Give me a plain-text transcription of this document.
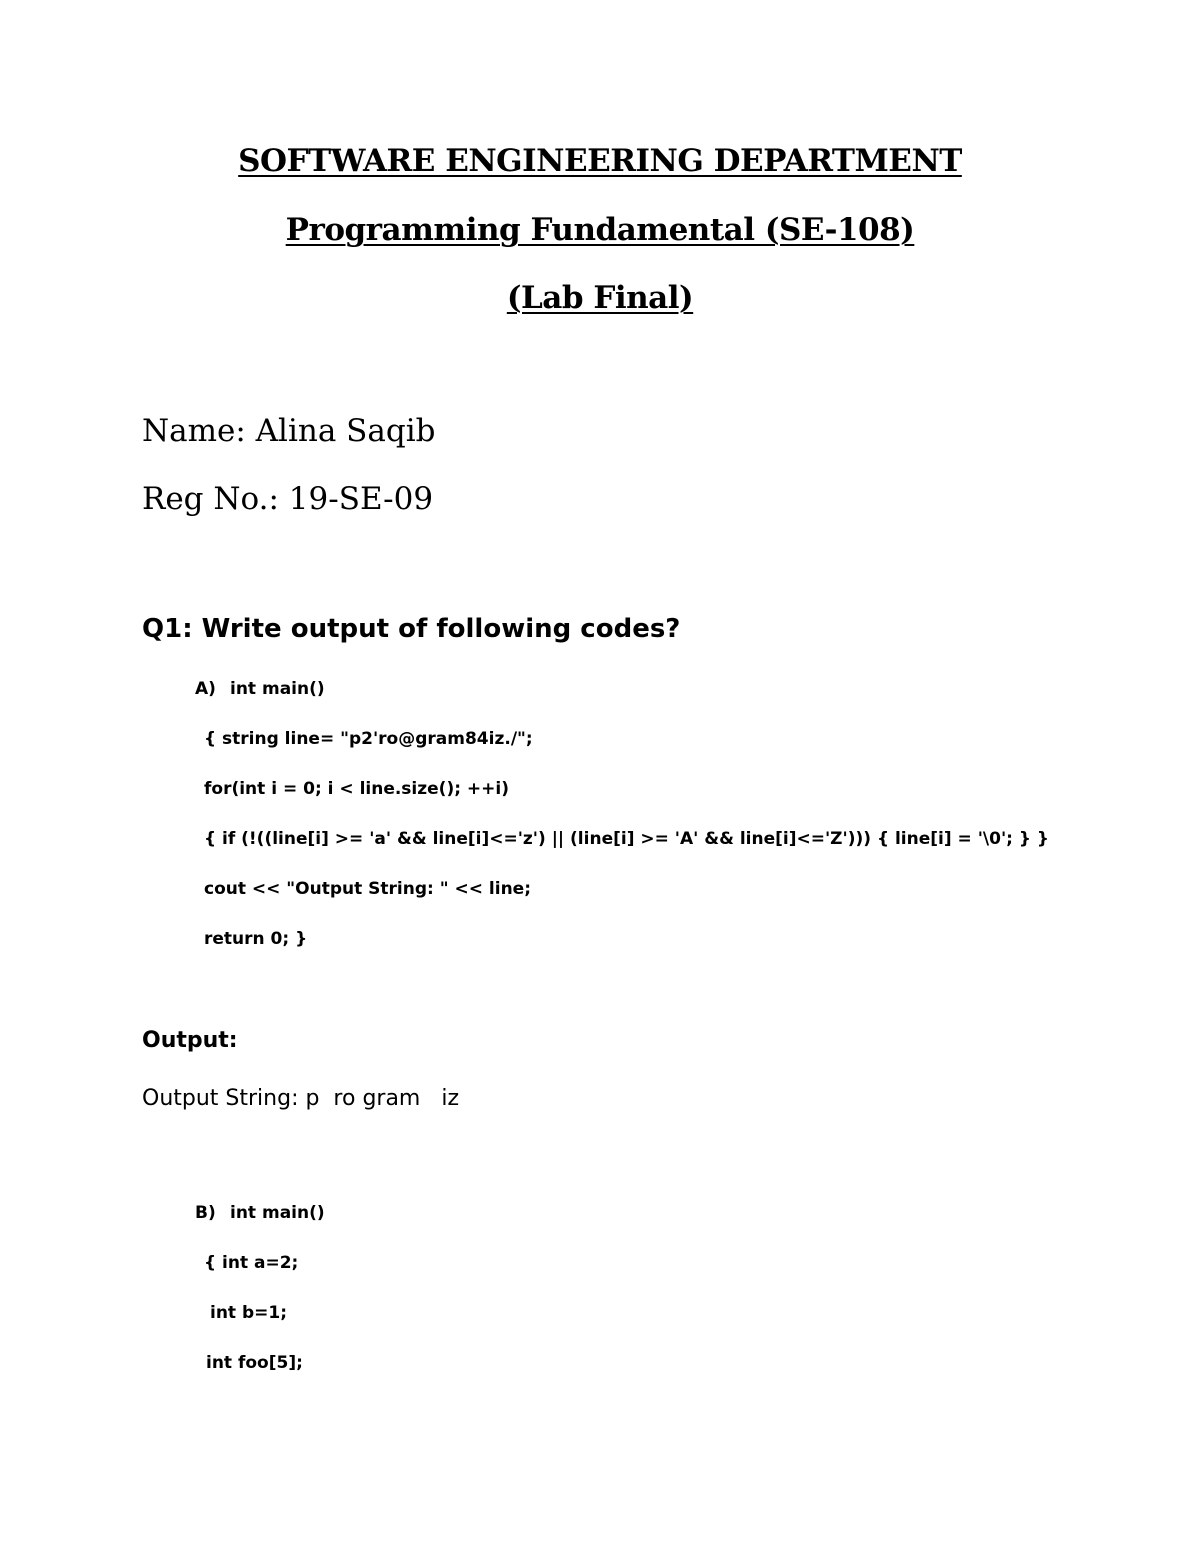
SOFTWARE ENGINEERING DEPARTMENT
Programming Fundamental (SE-108)
(Lab Final)
Name: Alina Saqib
Reg No.: 19-SE-09
Q1: Write output of following codes?
A) int main()
{ string line= "p2'ro@gram84iz./";
for(int i = 0; i < line.size(); ++i)
{ if (!((line[i] >= 'a' && line[i]<='z') || (line[i] >= 'A' && line[i]<='Z'))) { line[i] = '\0'; } }
cout << "Output String: " << line;
return 0; }
Output:
Output String: p  ro gram   iz
B) int main()
{ int a=2;
int b=1;
int foo[5];
